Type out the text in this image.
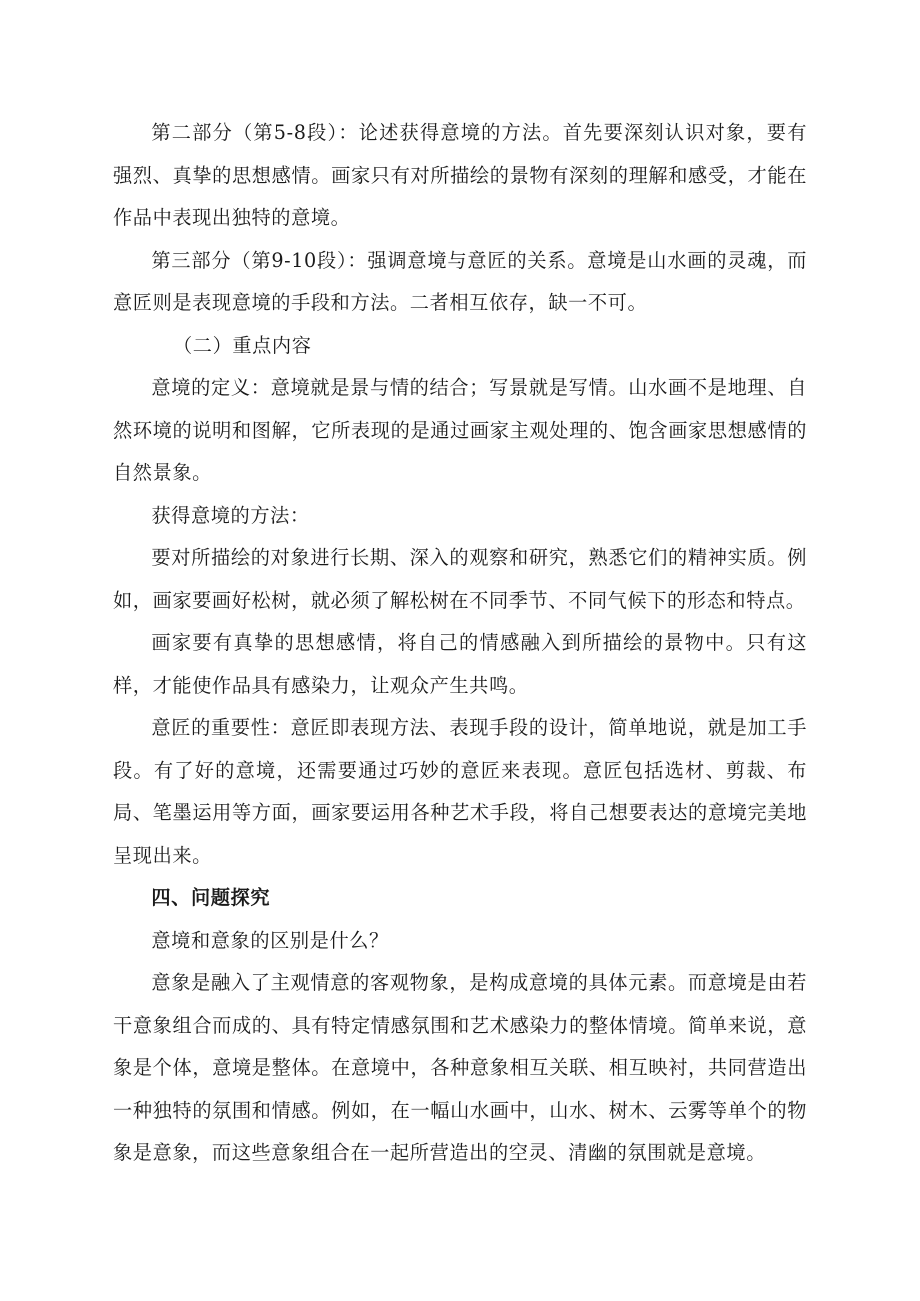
第二部分（第5-8段）：论述获得意境的方法。首先要深刻认识对象，要有强烈、真挚的思想感情。画家只有对所描绘的景物有深刻的理解和感受，才能在作品中表现出独特的意境。

第三部分（第9-10段）：强调意境与意匠的关系。意境是山水画的灵魂，而意匠则是表现意境的手段和方法。二者相互依存，缺一不可。

（二）重点内容

意境的定义：意境就是景与情的结合；写景就是写情。山水画不是地理、自然环境的说明和图解，它所表现的是通过画家主观处理的、饱含画家思想感情的自然景象。

获得意境的方法：

要对所描绘的对象进行长期、深入的观察和研究，熟悉它们的精神实质。例如，画家要画好松树，就必须了解松树在不同季节、不同气候下的形态和特点。

画家要有真挚的思想感情，将自己的情感融入到所描绘的景物中。只有这样，才能使作品具有感染力，让观众产生共鸣。

意匠的重要性：意匠即表现方法、表现手段的设计，简单地说，就是加工手段。有了好的意境，还需要通过巧妙的意匠来表现。意匠包括选材、剪裁、布局、笔墨运用等方面，画家要运用各种艺术手段，将自己想要表达的意境完美地呈现出来。

四、问题探究

意境和意象的区别是什么？

意象是融入了主观情意的客观物象，是构成意境的具体元素。而意境是由若干意象组合而成的、具有特定情感氛围和艺术感染力的整体情境。简单来说，意象是个体，意境是整体。在意境中，各种意象相互关联、相互映衬，共同营造出一种独特的氛围和情感。例如，在一幅山水画中，山水、树木、云雾等单个的物象是意象，而这些意象组合在一起所营造出的空灵、清幽的氛围就是意境。
